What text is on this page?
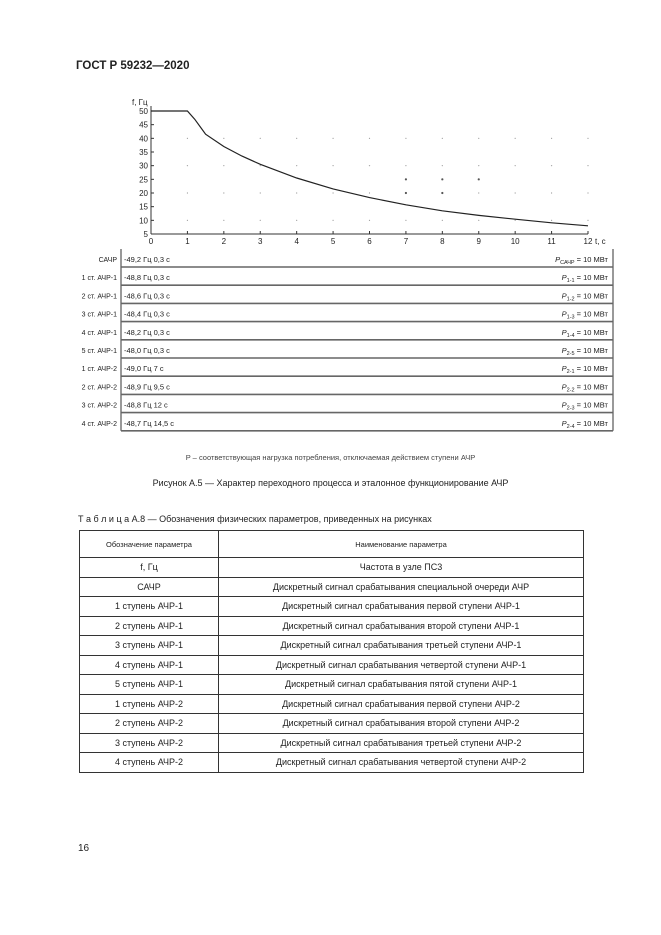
ГОСТ Р 59232—2020
5
10
15
20
25
30
35
40
45
50
0	1	2	3	4	5	6	7	8	9	10	11	12
f, Гц
t, с
САЧР -49,2 Гц 0,3 с	$P_{САЧР} = 10$ МВт
1 ст. АЧР-1 -48,8 Гц 0,3 с	$P_{1-1} = 10$ МВт
2 ст. АЧР-1 -48,6 Гц 0,3 с	$P_{1-2} = 10$ МВт
3 ст. АЧР-1 -48,4 Гц 0,3 с	$P_{1-3} = 10$ МВт
4 ст. АЧР-1 -48,2 Гц 0,3 с	$P_{1-4} = 10$ МВт
5 ст. АЧР-1 -48,0 Гц 0,3 с	$P_{2-5} = 10$ МВт
1 ст. АЧР-2 -49,0 Гц 7 с	$P_{2-1} = 10$ МВт
2 ст. АЧР-2 -48,9 Гц 9,5 с	$P_{2-2} = 10$ МВт
3 ст. АЧР-2 -48,8 Гц 12 с	$P_{2-3} = 10$ МВт
4 ст. АЧР-2 -48,7 Гц 14,5 с	$P_{2-4} = 10$ МВт
P – соответствующая нагрузка потребления, отключаемая действием ступени АЧР
Рисунок А.5 — Характер переходного процесса и эталонное функционирование АЧР
Т а б л и ц а А.8 — Обозначения физических параметров, приведенных на рисунках
Обозначение параметра	Наименование параметра
f, Гц	Частота в узле ПС3
САЧР	Дискретный сигнал срабатывания специальной очереди АЧР
1 ступень АЧР-1	Дискретный сигнал срабатывания первой ступени АЧР-1
2 ступень АЧР-1	Дискретный сигнал срабатывания второй ступени АЧР-1
3 ступень АЧР-1	Дискретный сигнал срабатывания третьей ступени АЧР-1
4 ступень АЧР-1	Дискретный сигнал срабатывания четвертой ступени АЧР-1
5 ступень АЧР-1	Дискретный сигнал срабатывания пятой ступени АЧР-1
1 ступень АЧР-2	Дискретный сигнал срабатывания первой ступени АЧР-2
2 ступень АЧР-2	Дискретный сигнал срабатывания второй ступени АЧР-2
3 ступень АЧР-2	Дискретный сигнал срабатывания третьей ступени АЧР-2
4 ступень АЧР-2	Дискретный сигнал срабатывания четвертой ступени АЧР-2
16
